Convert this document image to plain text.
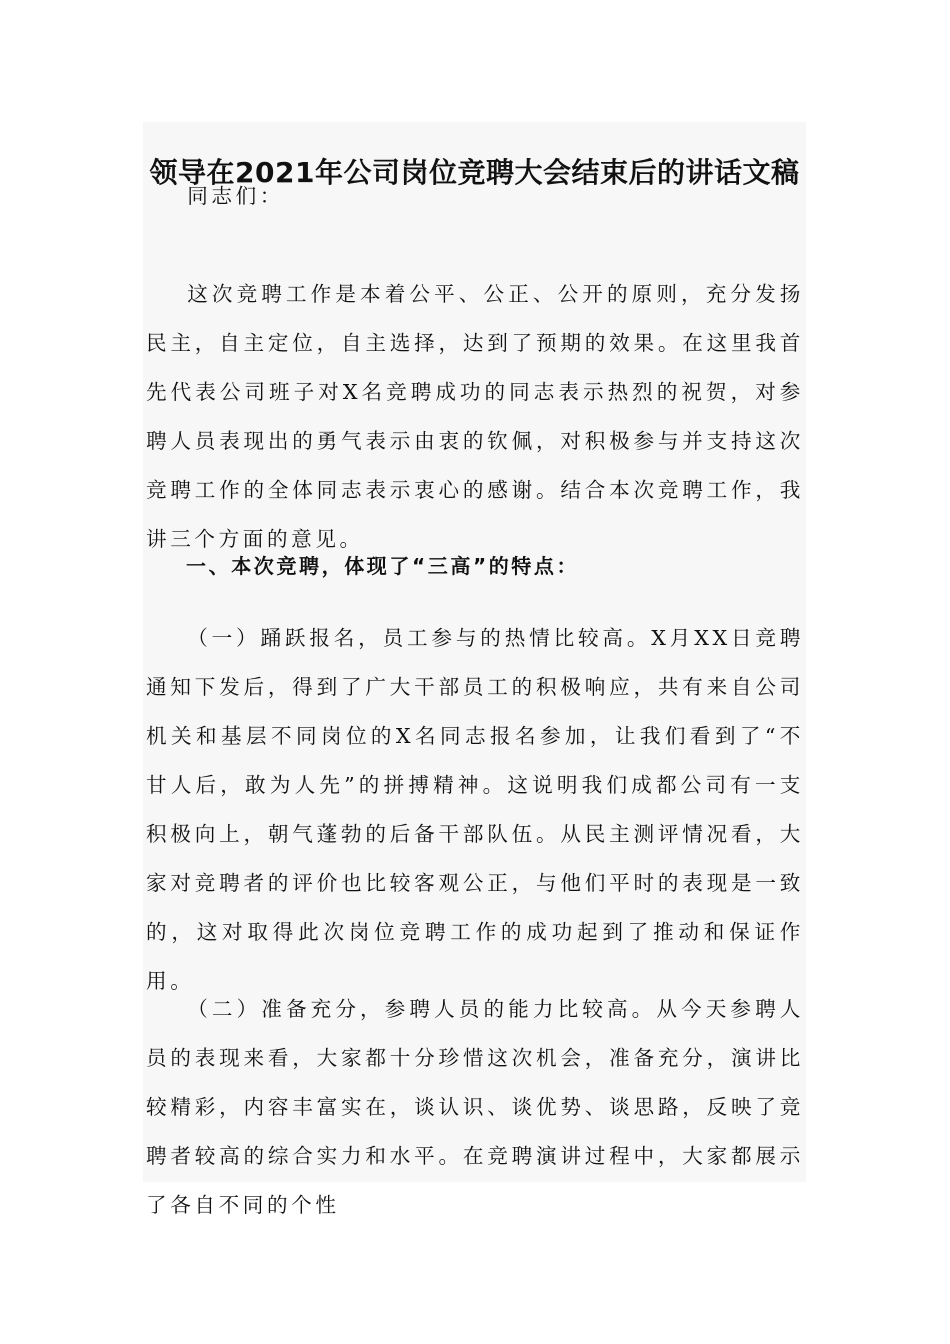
领导在2021年公司岗位竞聘大会结束后的讲话文稿

同志们：

这次竞聘工作是本着公平、公正、公开的原则，充分发扬民主，自主定位，自主选择，达到了预期的效果。在这里我首先代表公司班子对X名竞聘成功的同志表示热烈的祝贺，对参聘人员表现出的勇气表示由衷的钦佩，对积极参与并支持这次竞聘工作的全体同志表示衷心的感谢。结合本次竞聘工作，我讲三个方面的意见。

一、本次竞聘，体现了“三高”的特点：

（一）踊跃报名，员工参与的热情比较高。X月XX日竞聘通知下发后，得到了广大干部员工的积极响应，共有来自公司机关和基层不同岗位的X名同志报名参加，让我们看到了“不甘人后，敢为人先”的拼搏精神。这说明我们成都公司有一支积极向上，朝气蓬勃的后备干部队伍。从民主测评情况看，大家对竞聘者的评价也比较客观公正，与他们平时的表现是一致的，这对取得此次岗位竞聘工作的成功起到了推动和保证作用。

（二）准备充分，参聘人员的能力比较高。从今天参聘人员的表现来看，大家都十分珍惜这次机会，准备充分，演讲比较精彩，内容丰富实在，谈认识、谈优势、谈思路，反映了竞聘者较高的综合实力和水平。在竞聘演讲过程中，大家都展示了各自不同的个性
